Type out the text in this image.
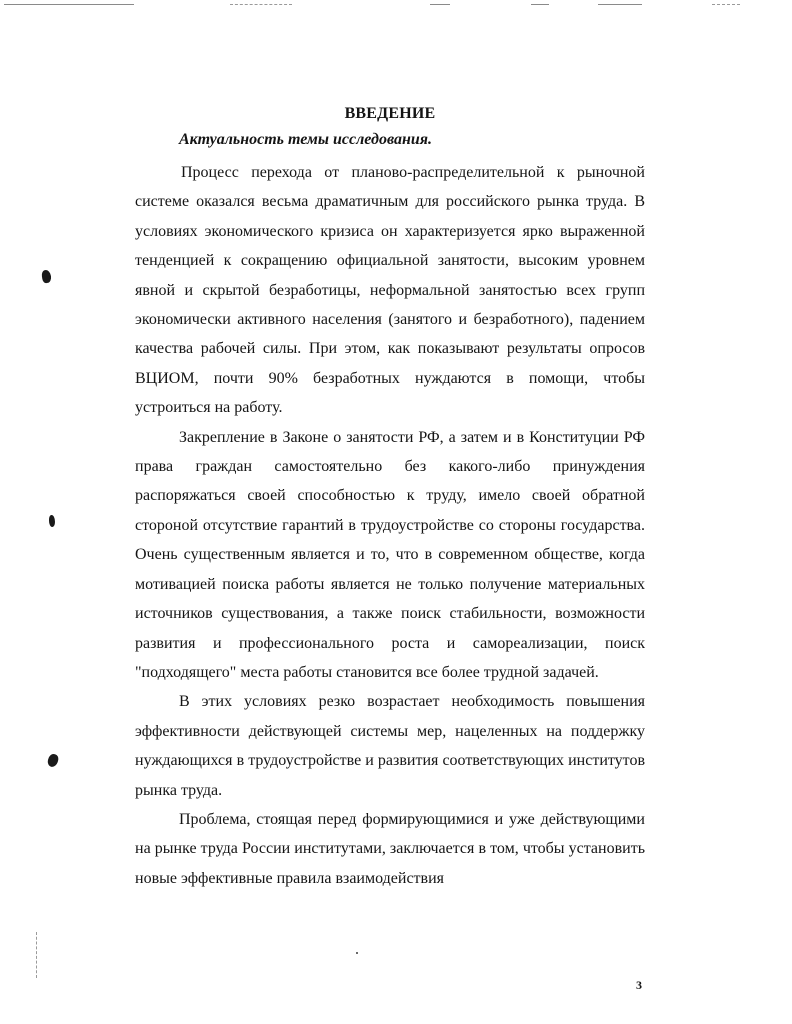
ВВЕДЕНИЕ
Актуальность темы исследования.

Процесс перехода от планово-распределительной к рыночной системе оказался весьма драматичным для российского рынка труда. В условиях экономического кризиса он характеризуется ярко выраженной тенденцией к сокращению официальной занятости, высоким уровнем явной и скрытой безработицы, неформальной занятостью всех групп экономически активного населения (занятого и безработного), падением качества рабочей силы. При этом, как показывают результаты опросов ВЦИОМ, почти 90% безработных нуждаются в помощи, чтобы устроиться на работу.

Закрепление в Законе о занятости РФ, а затем и в Конституции РФ права граждан самостоятельно без какого-либо принуждения распоряжаться своей способностью к труду, имело своей обратной стороной отсутствие гарантий в трудоустройстве со стороны государства. Очень существенным является и то, что в современном обществе, когда мотивацией поиска работы является не только получение материальных источников существования, а также поиск стабильности, возможности развития и профессионального роста и самореализации, поиск "подходящего" места работы становится все более трудной задачей.

В этих условиях резко возрастает необходимость повышения эффективности действующей системы мер, нацеленных на поддержку нуждающихся в трудоустройстве и развития соответствующих институтов рынка труда.

Проблема, стоящая перед формирующимися и уже действующими на рынке труда России институтами, заключается в том, чтобы установить новые эффективные правила взаимодействия

3
